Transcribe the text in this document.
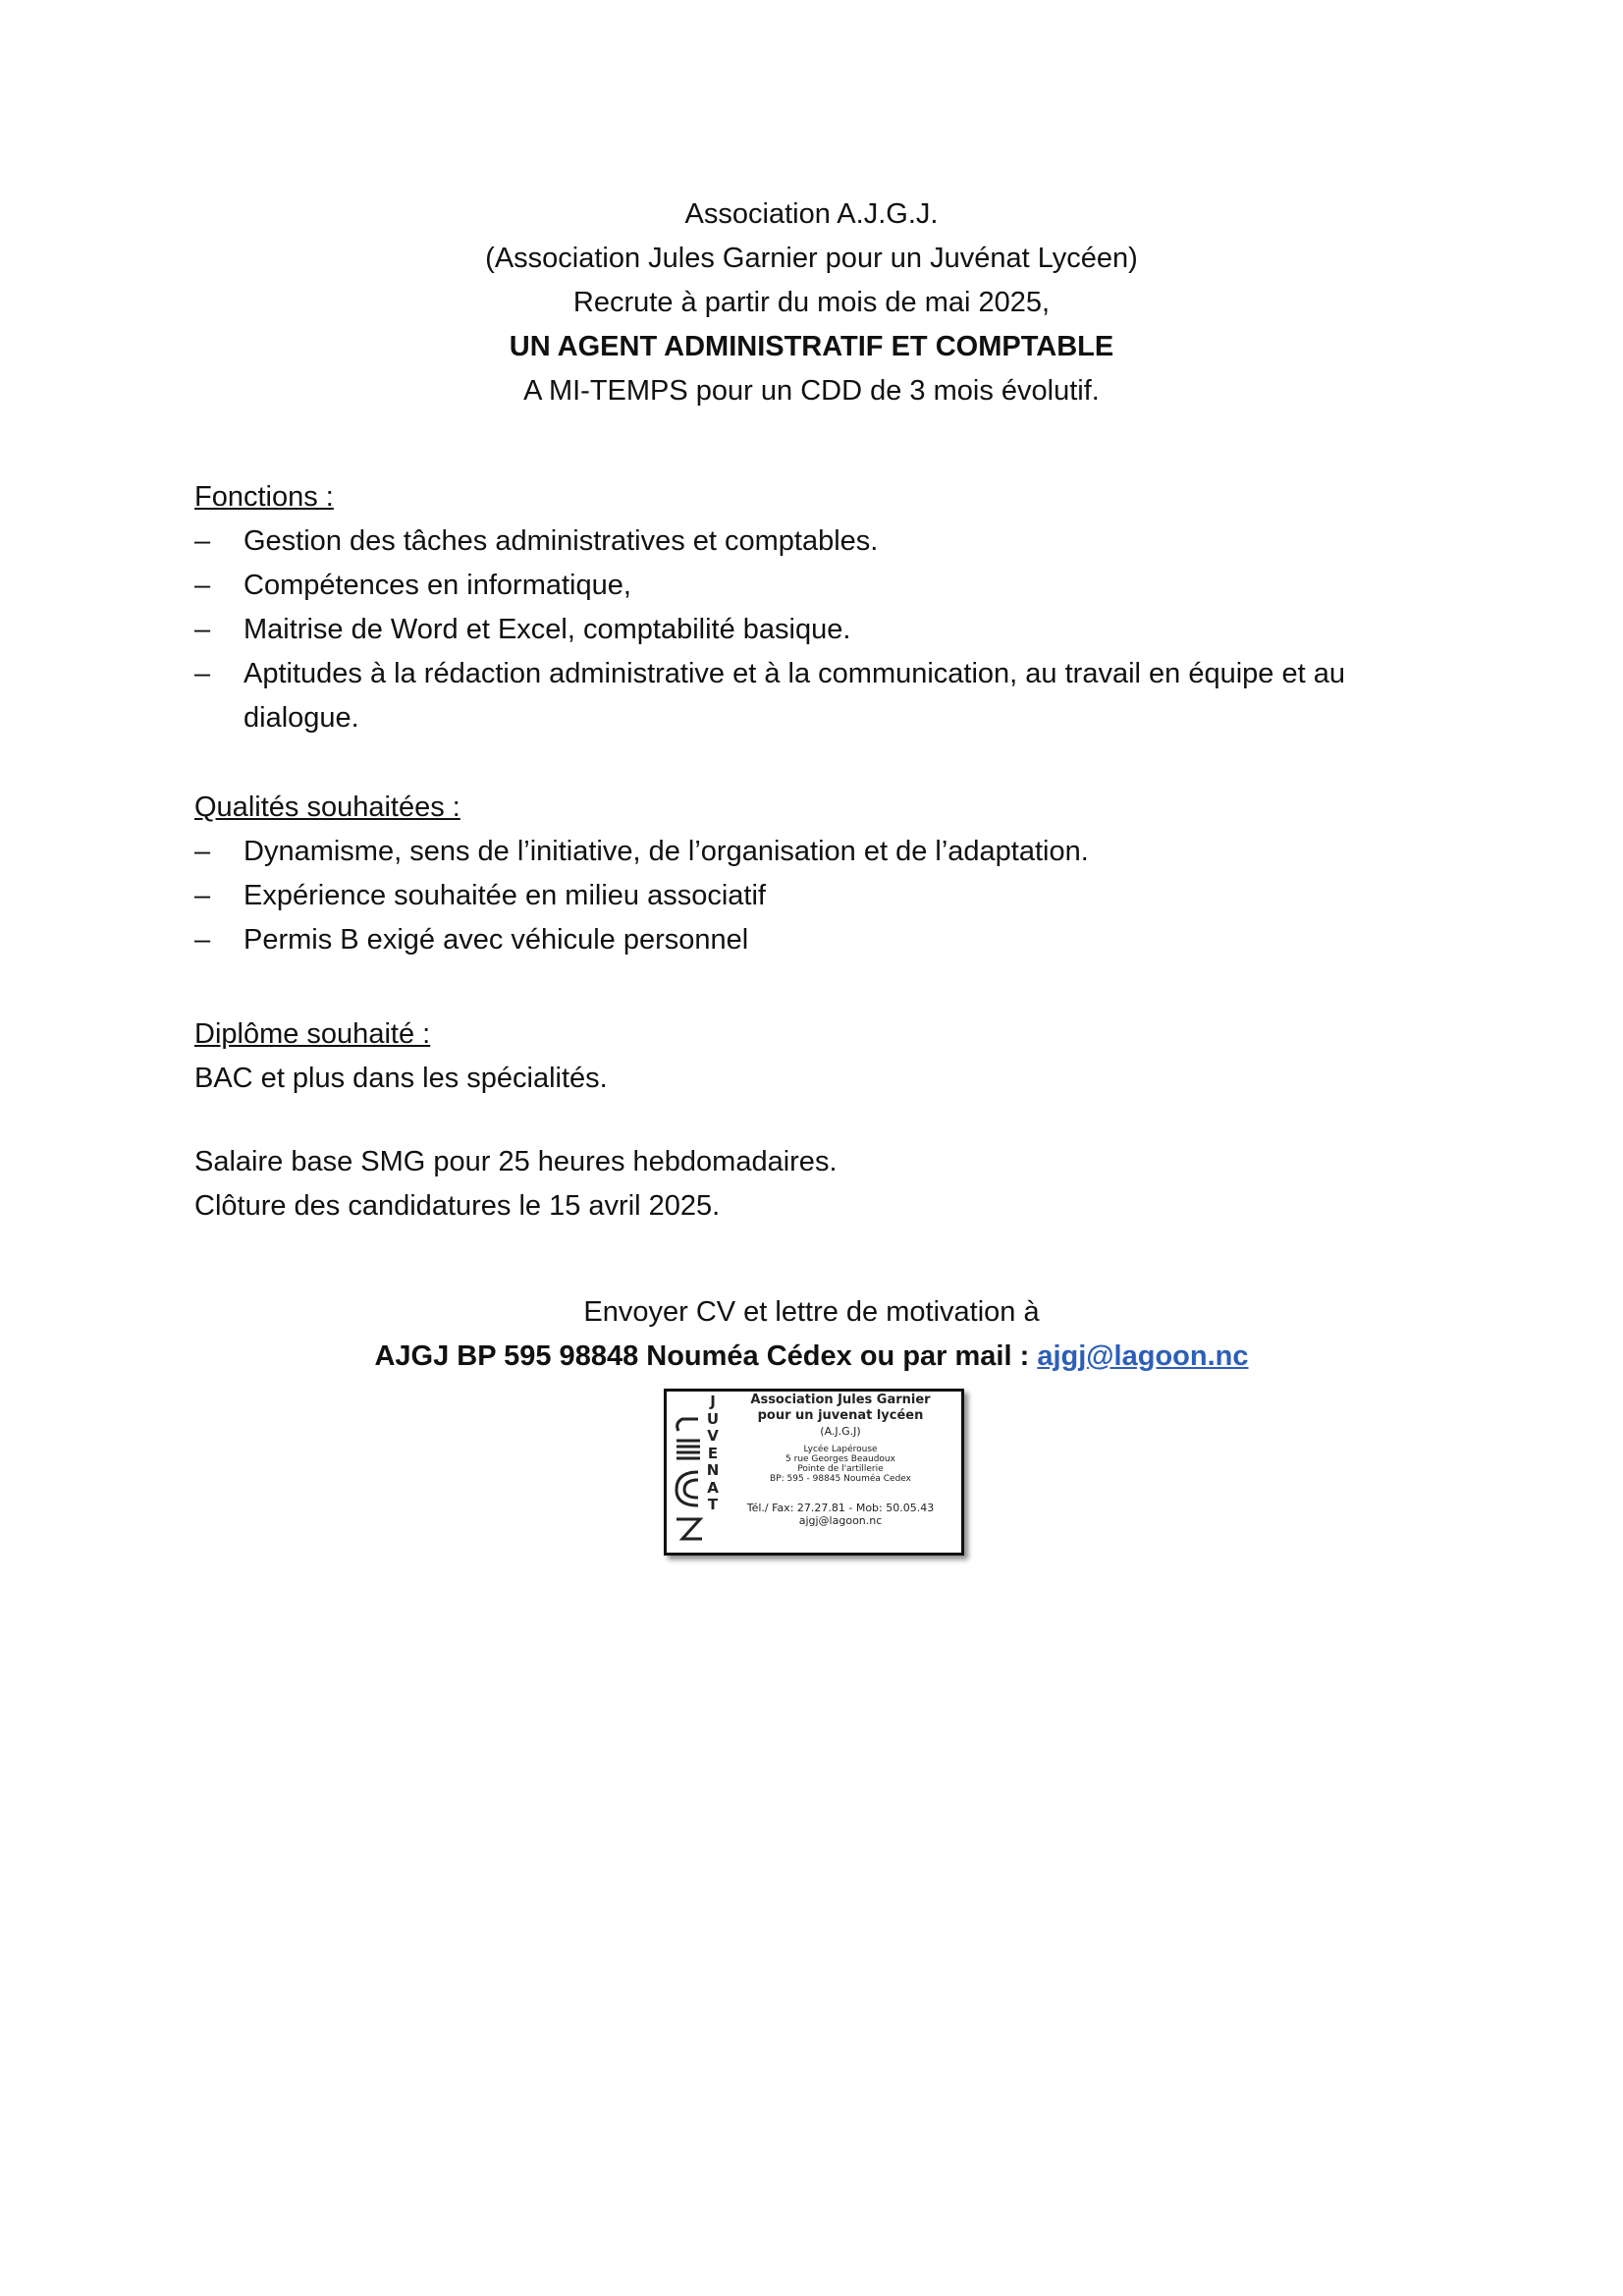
Association A.J.G.J.
(Association Jules Garnier pour un Juvénat Lycéen)
Recrute à partir du mois de mai 2025,
UN AGENT ADMINISTRATIF ET COMPTABLE
A MI-TEMPS pour un CDD de 3 mois évolutif.
Fonctions :
– Gestion des tâches administratives et comptables.
– Compétences en informatique,
– Maitrise de Word et Excel, comptabilité basique.
– Aptitudes à la rédaction administrative et à la communication, au travail en équipe et au dialogue.
Qualités souhaitées :
– Dynamisme, sens de l’initiative, de l’organisation et de l’adaptation.
– Expérience souhaitée en milieu associatif
– Permis B exigé avec véhicule personnel
Diplôme souhaité :
BAC et plus dans les spécialités.
Salaire base SMG pour 25 heures hebdomadaires.
Clôture des candidatures le 15 avril 2025.
Envoyer CV et lettre de motivation à
AJGJ BP 595 98848 Nouméa Cédex ou par mail : ajgj@lagoon.nc
J
U
V
E
N
A
T
Association Jules Garnier
pour un juvenat lycéen
(A.J.G.J)
Lycée Lapérouse
5 rue Georges Beaudoux
Pointe de l'artillerie
BP: 595 - 98845 Nouméa Cedex
Tél./ Fax: 27.27.81 - Mob: 50.05.43
ajgj@lagoon.nc
